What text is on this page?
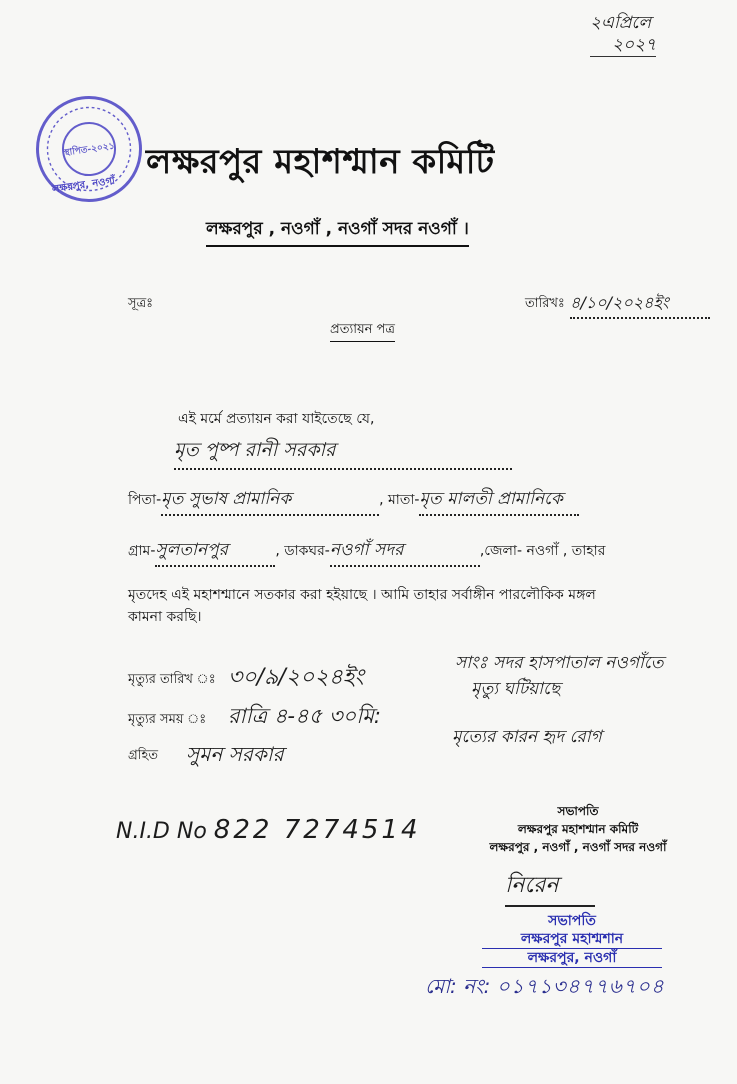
২এপ্রিলে
২০২৭
স্থাপিত-২০২১
লক্ষরপুর, নওগাঁ
লক্ষরপুর মহাশশ্মান কমিটি
লক্ষরপুর , নওগাঁ , নওগাঁ সদর নওগাঁ ।
সূত্রঃ	তারিখঃ ৪/১০/২০২৪ইং
প্রত্যায়ন পত্র
এই মর্মে প্রত্যায়ন করা যাইতেছে যে,
মৃত পুষ্প রানী সরকার
পিতা-মৃত সুভাষ প্রামানিক	, মাতা-মৃত মালতী প্রামানিকে
গ্রাম-সুলতানপুর	, ডাকঘর-নওগাঁ সদর	,জেলা- নওগাঁ , তাহার
মৃতদেহ এই মহাশশ্মানে সতকার করা হইয়াছে । আমি তাহার সর্বাঙ্গীন পারলৌকিক মঙ্গল
কামনা করছি।
মৃত্যুর তারিখ ঃ ৩০/৯/২০২৪ইং
মৃত্যুর সময় ঃ রাত্রি ৪-৪৫ ৩০মি:
গ্রহিত সুমন সরকার
সাংঃ সদর হাসপাতাল নওগাঁতে
মৃত্যু ঘটিয়াছে
মৃত্যের কারন হৃদ রোগ
N.I.D No 822 7274514
সভাপতি
লক্ষরপুর মহাশশ্মান কমিটি
লক্ষরপুর , নওগাঁ , নওগাঁ সদর নওগাঁ
নিরেন
সভাপতি
লক্ষরপুর মহাশ্মশান
লক্ষরপুর, নওগাঁ
মো: নং: ০১৭১৩৪৭৭৬৭০৪
